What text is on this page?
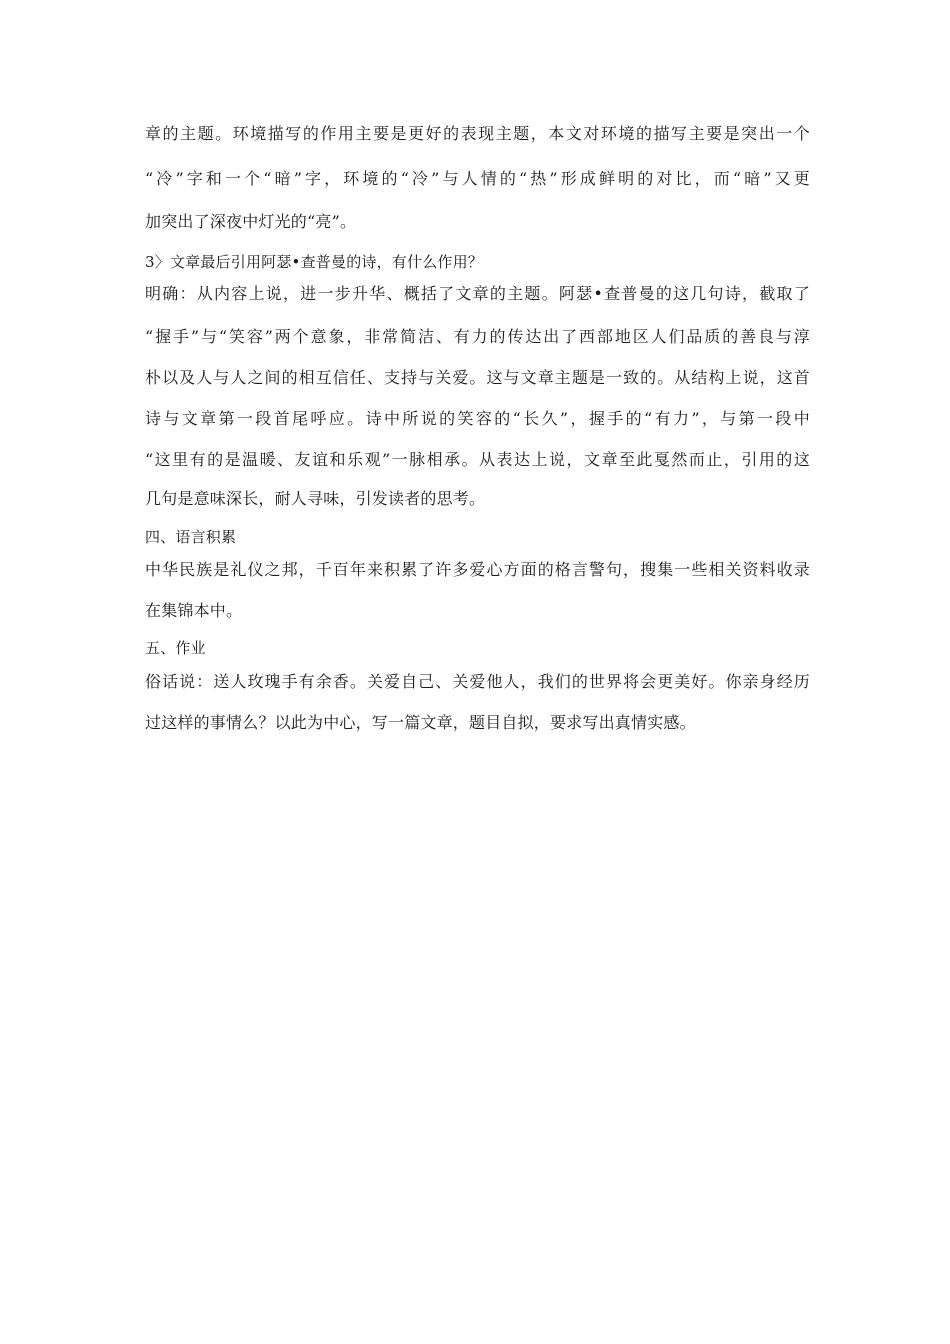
章的主题。环境描写的作用主要是更好的表现主题，本文对环境的描写主要是突出一个
“冷”字和一个“暗”字，环境的“冷”与人情的“热”形成鲜明的对比，而“暗”又更
加突出了深夜中灯光的“亮”。
3〉文章最后引用阿瑟•查普曼的诗，有什么作用？
明确：从内容上说，进一步升华、概括了文章的主题。阿瑟•查普曼的这几句诗，截取了
“握手”与“笑容”两个意象，非常简洁、有力的传达出了西部地区人们品质的善良与淳
朴以及人与人之间的相互信任、支持与关爱。这与文章主题是一致的。从结构上说，这首
诗与文章第一段首尾呼应。诗中所说的笑容的“长久”，握手的“有力”，与第一段中
“这里有的是温暖、友谊和乐观”一脉相承。从表达上说，文章至此戛然而止，引用的这
几句是意味深长，耐人寻味，引发读者的思考。
四、语言积累
中华民族是礼仪之邦，千百年来积累了许多爱心方面的格言警句，搜集一些相关资料收录
在集锦本中。
五、作业
俗话说：送人玫瑰手有余香。关爱自己、关爱他人，我们的世界将会更美好。你亲身经历
过这样的事情么？以此为中心，写一篇文章，题目自拟，要求写出真情实感。
